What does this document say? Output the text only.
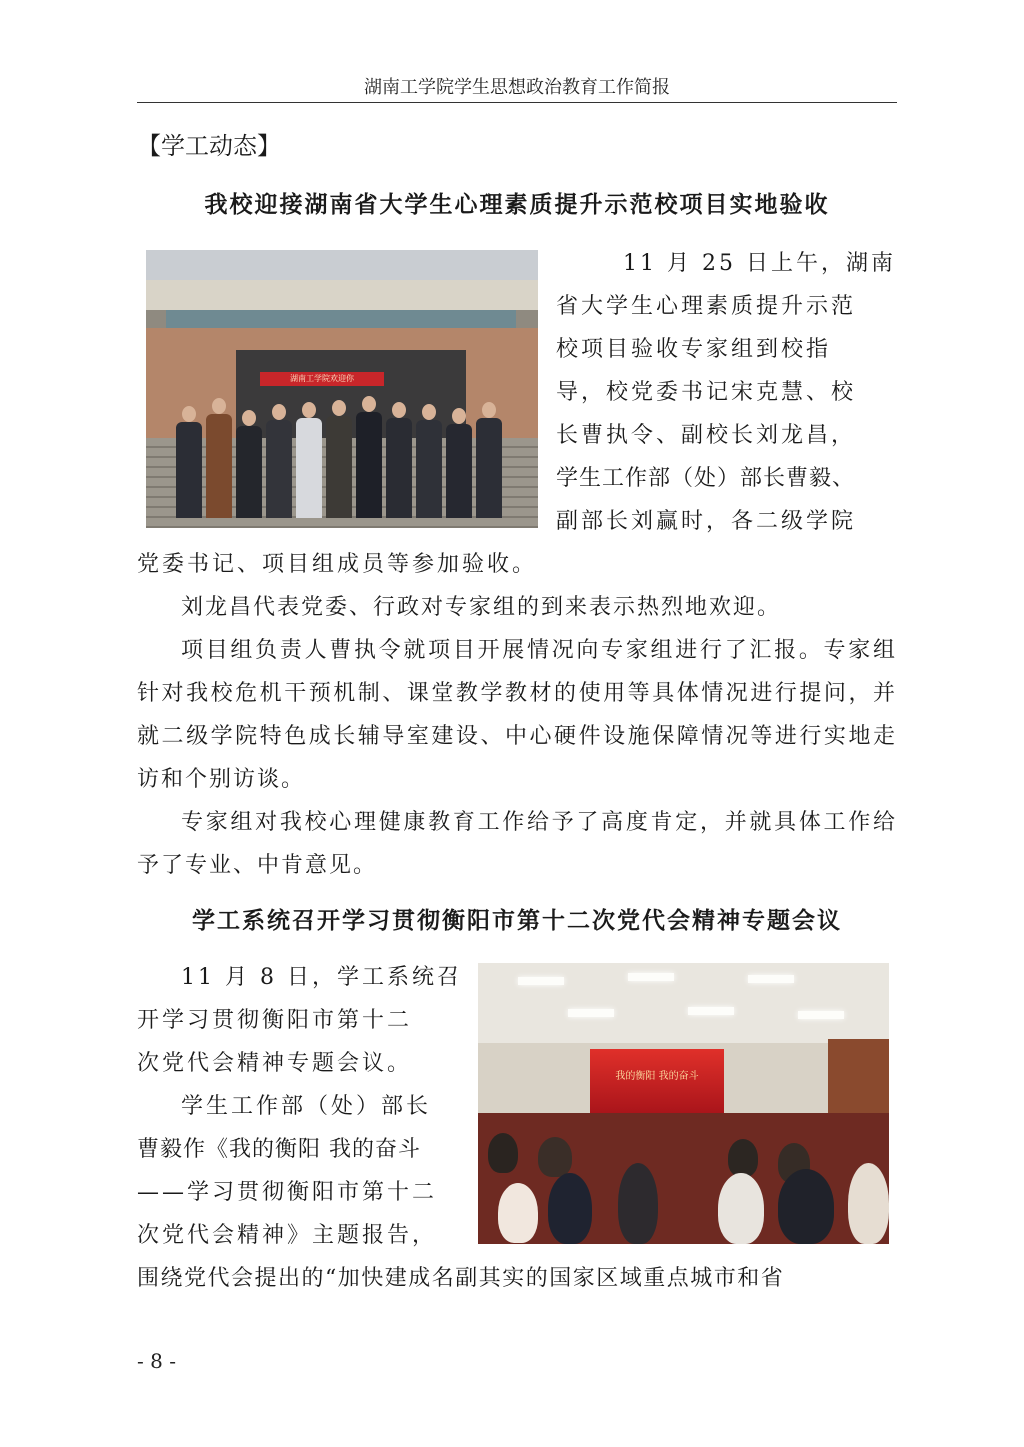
湖南工学院学生思想政治教育工作简报
【学工动态】
我校迎接湖南省大学生心理素质提升示范校项目实地验收
湖南工学院欢迎你

11 月 25 日上午，湖南

省大学生心理素质提升示范

校项目验收专家组到校指

导，校党委书记宋克慧、校

长曹执令、副校长刘龙昌，

学生工作部（处）部长曹毅、

副部长刘赢时，各二级学院

党委书记、项目组成员等参加验收。

刘龙昌代表党委、行政对专家组的到来表示热烈地欢迎。

项目组负责人曹执令就项目开展情况向专家组进行了汇报。专家组针对我校危机干预机制、课堂教学教材的使用等具体情况进行提问，并就二级学院特色成长辅导室建设、中心硬件设施保障情况等进行实地走访和个别访谈。

专家组对我校心理健康教育工作给予了高度肯定，并就具体工作给予了专业、中肯意见。

学工系统召开学习贯彻衡阳市第十二次党代会精神专题会议

11 月 8 日，学工系统召

开学习贯彻衡阳市第十二

次党代会精神专题会议。

学生工作部（处）部长

曹毅作《我的衡阳 我的奋斗

——学习贯彻衡阳市第十二

次党代会精神》主题报告，

我的衡阳 我的奋斗

围绕党代会提出的“加快建成名副其实的国家区域重点城市和省

- 8 -
